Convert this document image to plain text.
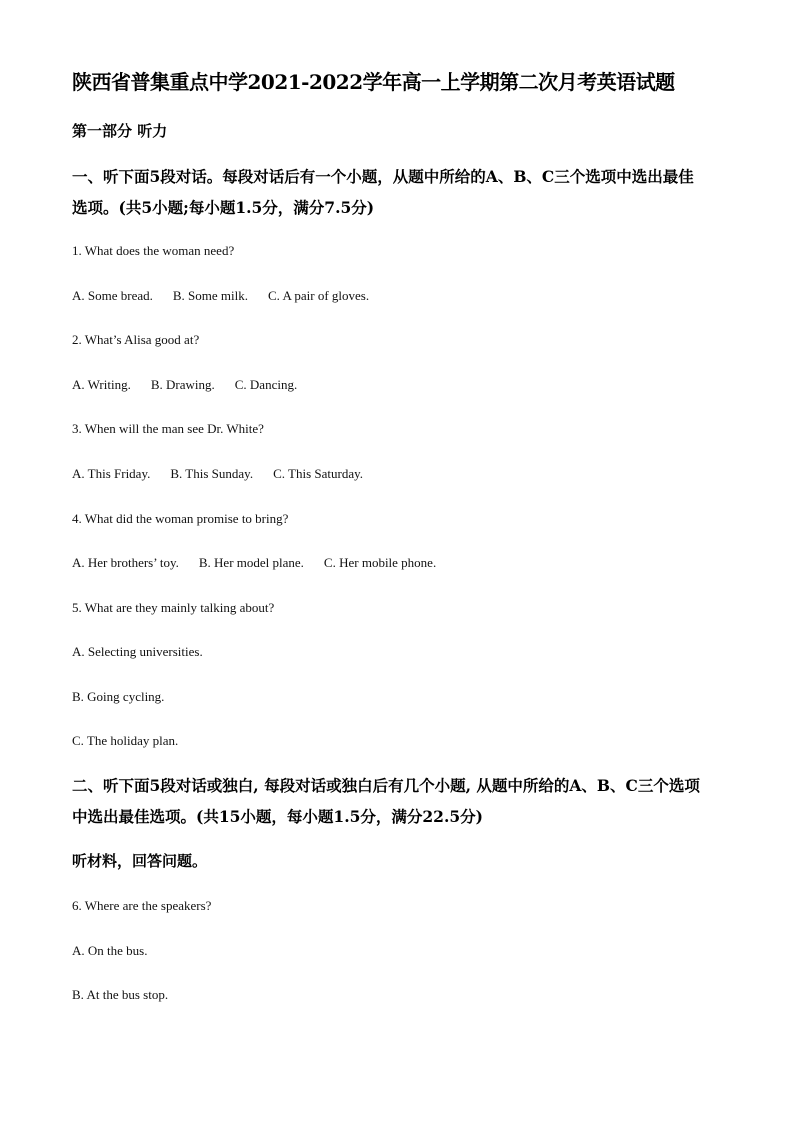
陕西省普集重点中学2021-2022学年高一上学期第二次月考英语试题
第一部分 听力
一、听下面5段对话。每段对话后有一个小题，从题中所给的A、B、C三个选项中选出最佳
选项。(共5小题;每小题1.5分，满分7.5分)
1. What does the woman need?
A. Some bread. B. Some milk. C. A pair of gloves.
2. What’s Alisa good at?
A. Writing. B. Drawing. C. Dancing.
3. When will the man see Dr. White?
A. This Friday. B. This Sunday. C. This Saturday.
4. What did the woman promise to bring?
A. Her brothers’ toy. B. Her model plane. C. Her mobile phone.
5. What are they mainly talking about?
A. Selecting universities.
B. Going cycling.
C. The holiday plan.
二、听下面5段对话或独白, 每段对话或独白后有几个小题, 从题中所给的A、B、C三个选项
中选出最佳选项。(共15小题，每小题1.5分，满分22.5分)
听材料，回答问题。
6. Where are the speakers?
A. On the bus.
B. At the bus stop.
